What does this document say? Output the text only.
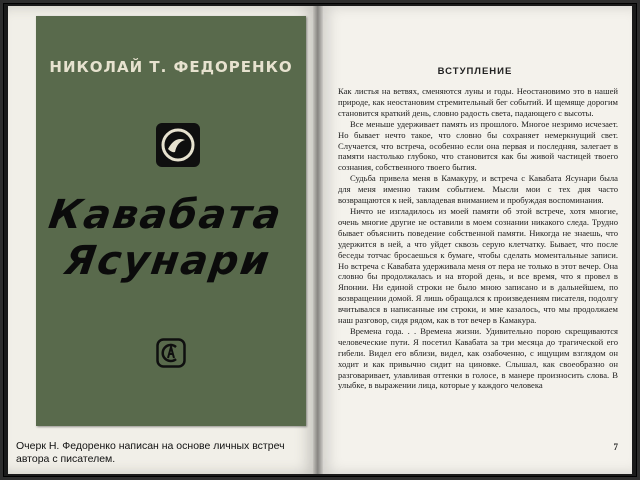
НИКОЛАЙ Т. ФЕДОРЕНКО
Кавабата
Ясунари
Очерк Н. Федоренко написан на основе личных встреч автора с писателем.
ВСТУПЛЕНИЕ

Как листья на ветвях, сменяются луны и годы. Неостановимо это в нашей природе, как неостановим стремительный бег событий. И щемяще дорогим становится краткий день, словно радость света, падающего с высоты.

Все меньше удерживает память из прошлого. Многое незримо исчезает. Но бывает нечто такое, что словно бы сохраняет немеркнущий свет. Случается, что встреча, особенно если она первая и последняя, залегает в памяти настолько глубоко, что становится как бы живой частицей твоего сознания, собственного твоего бытия.

Судьба привела меня в Камакуру, и встреча с Кавабата Ясунари была для меня именно таким событием. Мысли мои с тех дня часто возвращаются к ней, завладевая вниманием и пробуждая воспоминания.

Ничто не изгладилось из моей памяти об этой встрече, хотя многие, очень многие другие не оставили в моем сознании никакого следа. Трудно бывает объяснить поведение собственной памяти. Никогда не знаешь, что удержится в ней, а что уйдет сквозь серую клетчатку. Бывает, что после беседы тотчас бросаешься к бумаге, чтобы сделать моментальные записи. Но встреча с Кавабата удерживала меня от пера не только в этот вечер. Она словно бы продолжалась и на второй день, и все время, что я провел в Японии. Ни единой строки не было мною записано и в дальнейшем, по возвращении домой. Я лишь обращался к произведениям писателя, подолгу вчитывался в написанные им строки, и мне казалось, что мы продолжаем наш разговор, сидя рядом, как в тот вечер в Камакура.

Времена года. . . Времена жизни. Удивительно порою скрещиваются человеческие пути. Я посетил Кавабата за три месяца до трагической его гибели. Видел его вблизи, видел, как озабоченно, с ищущим взглядом он ходит и как привычно сидит на циновке. Слышал, как своеобразно он разговаривает, улавливая оттенки в голосе, в манере произносить слова. В улыбке, в выражении лица, которые у каждого человека

7
